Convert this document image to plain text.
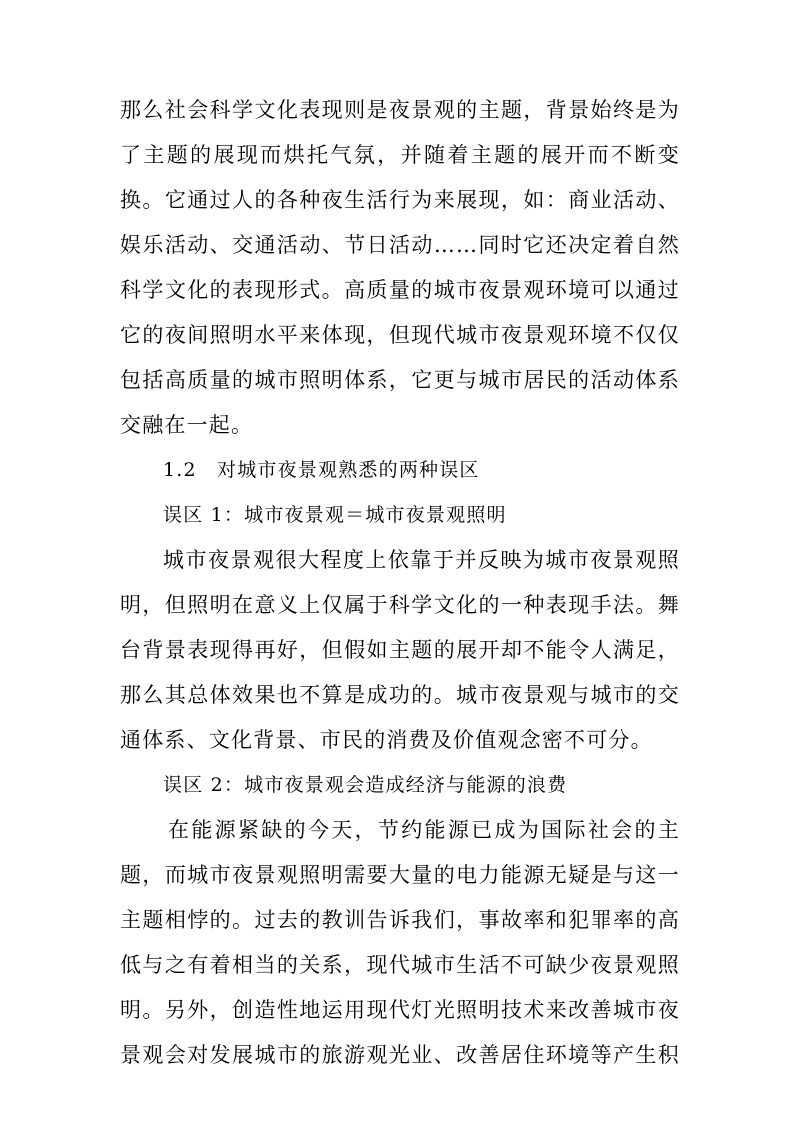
那么社会科学文化表现则是夜景观的主题，背景始终是为
了主题的展现而烘托气氛，并随着主题的展开而不断变
换。它通过人的各种夜生活行为来展现，如：商业活动、
娱乐活动、交通活动、节日活动……同时它还决定着自然
科学文化的表现形式。高质量的城市夜景观环境可以通过
它的夜间照明水平来体现，但现代城市夜景观环境不仅仅
包括高质量的城市照明体系，它更与城市居民的活动体系
交融在一起。
1.2　对城市夜景观熟悉的两种误区
误区 1：城市夜景观＝城市夜景观照明
城市夜景观很大程度上依靠于并反映为城市夜景观照
明，但照明在意义上仅属于科学文化的一种表现手法。舞
台背景表现得再好，但假如主题的展开却不能令人满足，
那么其总体效果也不算是成功的。城市夜景观与城市的交
通体系、文化背景、市民的消费及价值观念密不可分。
误区 2：城市夜景观会造成经济与能源的浪费
在能源紧缺的今天，节约能源已成为国际社会的主
题，而城市夜景观照明需要大量的电力能源无疑是与这一
主题相悖的。过去的教训告诉我们，事故率和犯罪率的高
低与之有着相当的关系，现代城市生活不可缺少夜景观照
明。另外，创造性地运用现代灯光照明技术来改善城市夜
景观会对发展城市的旅游观光业、改善居住环境等产生积
